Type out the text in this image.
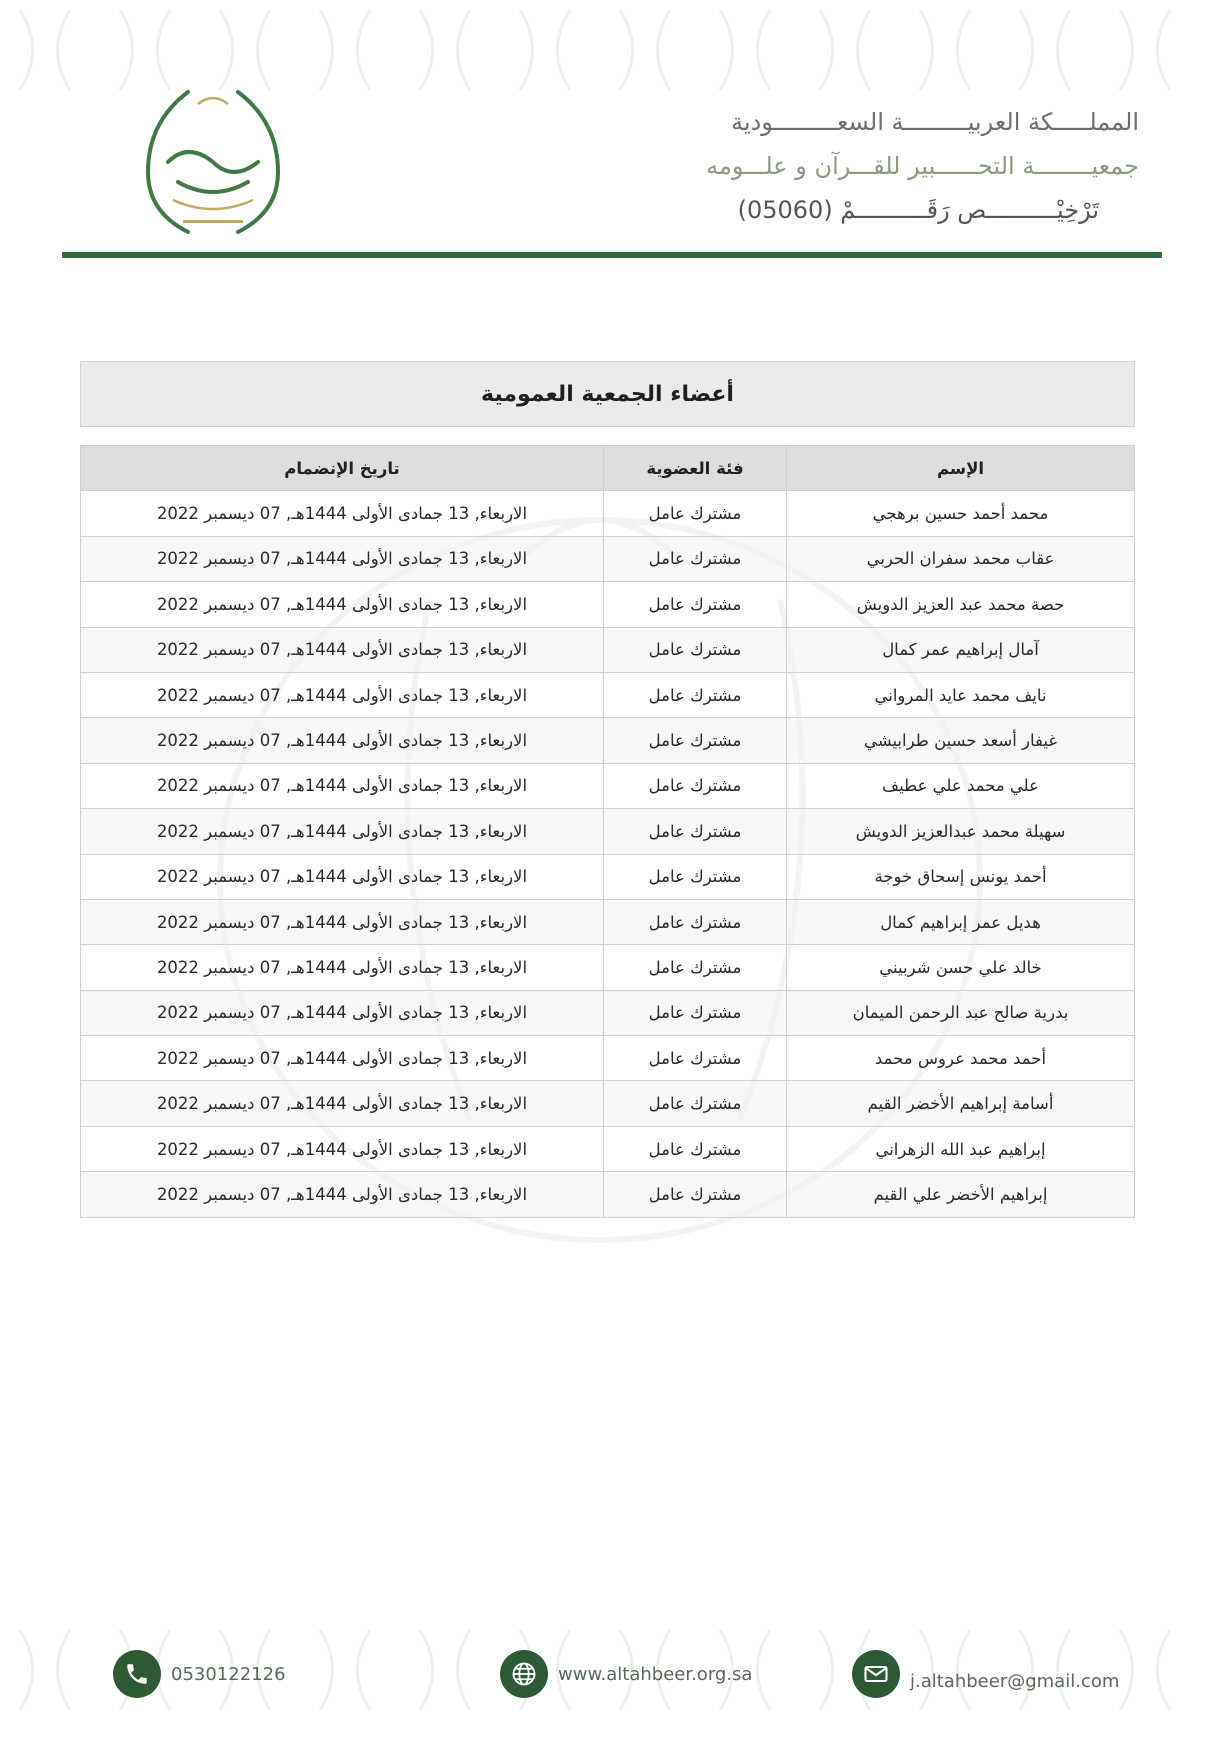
المملـــــكة العربيـــــــــة السعـــــــــودية
جمعيــــــــة التحــــــبير للقـــرآن و علـــومه
تَرْخِيْــــــــــص رَقَــــــــــمْ (05060)
أعضاء الجمعية العمومية
الإسم	فئة العضوية	تاريخ الإنضمام
محمد أحمد حسين برهجي	مشترك عامل	الاربعاء, 13 جمادى الأولى 1444هـ, 07 ديسمبر 2022
عقاب محمد سفران الحربي	مشترك عامل	الاربعاء, 13 جمادى الأولى 1444هـ, 07 ديسمبر 2022
حصة محمد عبد العزيز الدويش	مشترك عامل	الاربعاء, 13 جمادى الأولى 1444هـ, 07 ديسمبر 2022
آمال إبراهيم عمر كمال	مشترك عامل	الاربعاء, 13 جمادى الأولى 1444هـ, 07 ديسمبر 2022
نايف محمد عايد المرواني	مشترك عامل	الاربعاء, 13 جمادى الأولى 1444هـ, 07 ديسمبر 2022
غيفار أسعد حسين طرابيشي	مشترك عامل	الاربعاء, 13 جمادى الأولى 1444هـ, 07 ديسمبر 2022
علي محمد علي عطيف	مشترك عامل	الاربعاء, 13 جمادى الأولى 1444هـ, 07 ديسمبر 2022
سهيلة محمد عبدالعزيز الدويش	مشترك عامل	الاربعاء, 13 جمادى الأولى 1444هـ, 07 ديسمبر 2022
أحمد يونس إسحاق خوجة	مشترك عامل	الاربعاء, 13 جمادى الأولى 1444هـ, 07 ديسمبر 2022
هديل عمر إبراهيم كمال	مشترك عامل	الاربعاء, 13 جمادى الأولى 1444هـ, 07 ديسمبر 2022
خالد علي حسن شربيني	مشترك عامل	الاربعاء, 13 جمادى الأولى 1444هـ, 07 ديسمبر 2022
بدرية صالح عبد الرحمن الميمان	مشترك عامل	الاربعاء, 13 جمادى الأولى 1444هـ, 07 ديسمبر 2022
أحمد محمد عروس محمد	مشترك عامل	الاربعاء, 13 جمادى الأولى 1444هـ, 07 ديسمبر 2022
أسامة إبراهيم الأخضر القيم	مشترك عامل	الاربعاء, 13 جمادى الأولى 1444هـ, 07 ديسمبر 2022
إبراهيم عبد الله الزهراني	مشترك عامل	الاربعاء, 13 جمادى الأولى 1444هـ, 07 ديسمبر 2022
إبراهيم الأخضر علي القيم	مشترك عامل	الاربعاء, 13 جمادى الأولى 1444هـ, 07 ديسمبر 2022
0530122126	www.altahbeer.org.sa	j.altahbeer@gmail.com
